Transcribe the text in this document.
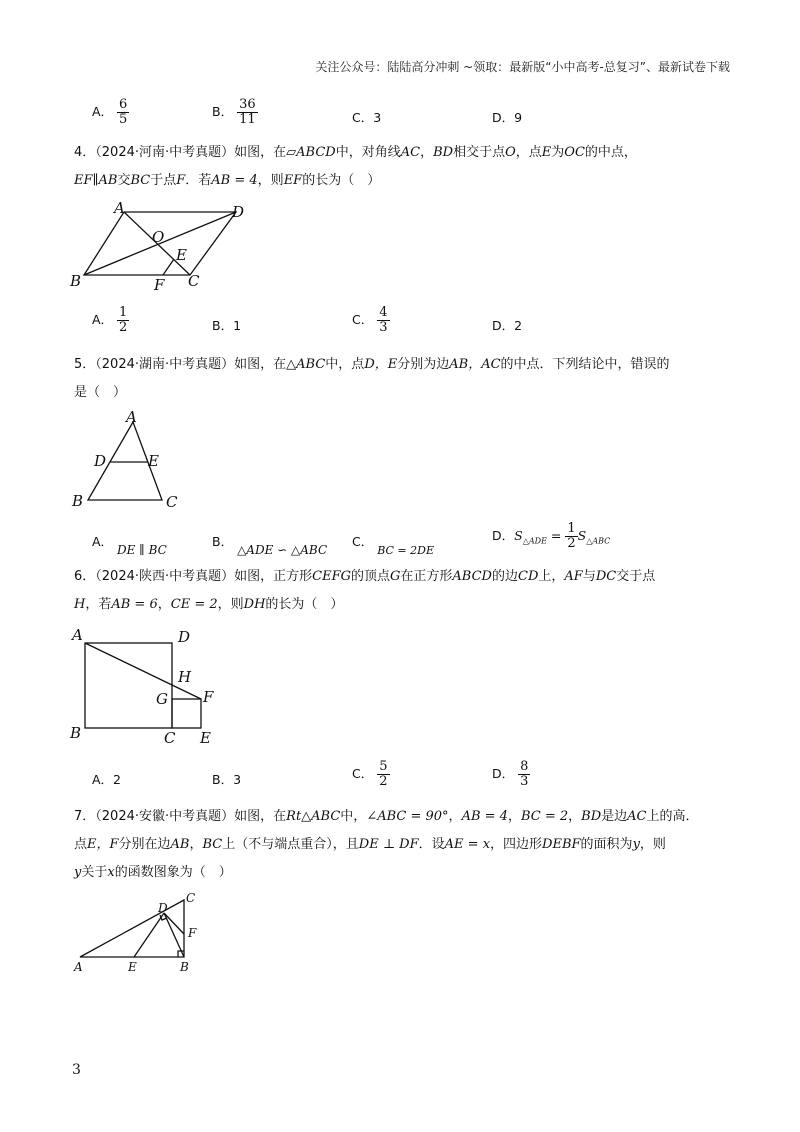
关注公众号：陆陆高分冲刺 ~领取：最新版“小中高考-总复习”、最新试卷下载
A． $\frac{6}{5}$	B． $\frac{36}{11}$	C．3	D．9
4．（2024·河南·中考真题）如图，在▱ABCD中，对角线AC，BD相交于点O，点E为OC的中点，
EF∥AB交BC于点F．若AB = 4，则EF的长为（　）
A	D
O
E
B	F C
A． $\frac{1}{2}$	B．1	C． $\frac{4}{3}$	D．2
5．（2024·湖南·中考真题）如图，在△ABC中，点D，E分别为边AB，AC的中点．下列结论中，错误的
是（　）
A
D	E
B	C
A． DE ∥ BC
B． △ADE ∽ △ABC
C． BC = 2DE
D．$S_{\triangle ADE} = \frac{1}{2} S_{\triangle ABC}$
6．（2024·陕西·中考真题）如图，正方形CEFG的顶点G在正方形ABCD的边CD上，AF与DC交于点
H，若AB = 6，CE = 2，则DH的长为（　）
A	D
H
G F
B	C E
A．2	B．3	C． $\frac{5}{2}$	D． $\frac{8}{3}$
7．（2024·安徽·中考真题）如图，在Rt△ABC中，∠ABC = 90°，AB = 4，BC = 2，BD是边AC上的高．
点E，F分别在边AB，BC上（不与端点重合），且DE ⊥ DF．设AE = x，四边形DEBF的面积为y，则
y关于x的函数图象为（　）
C
D
F
A	E	B
3
